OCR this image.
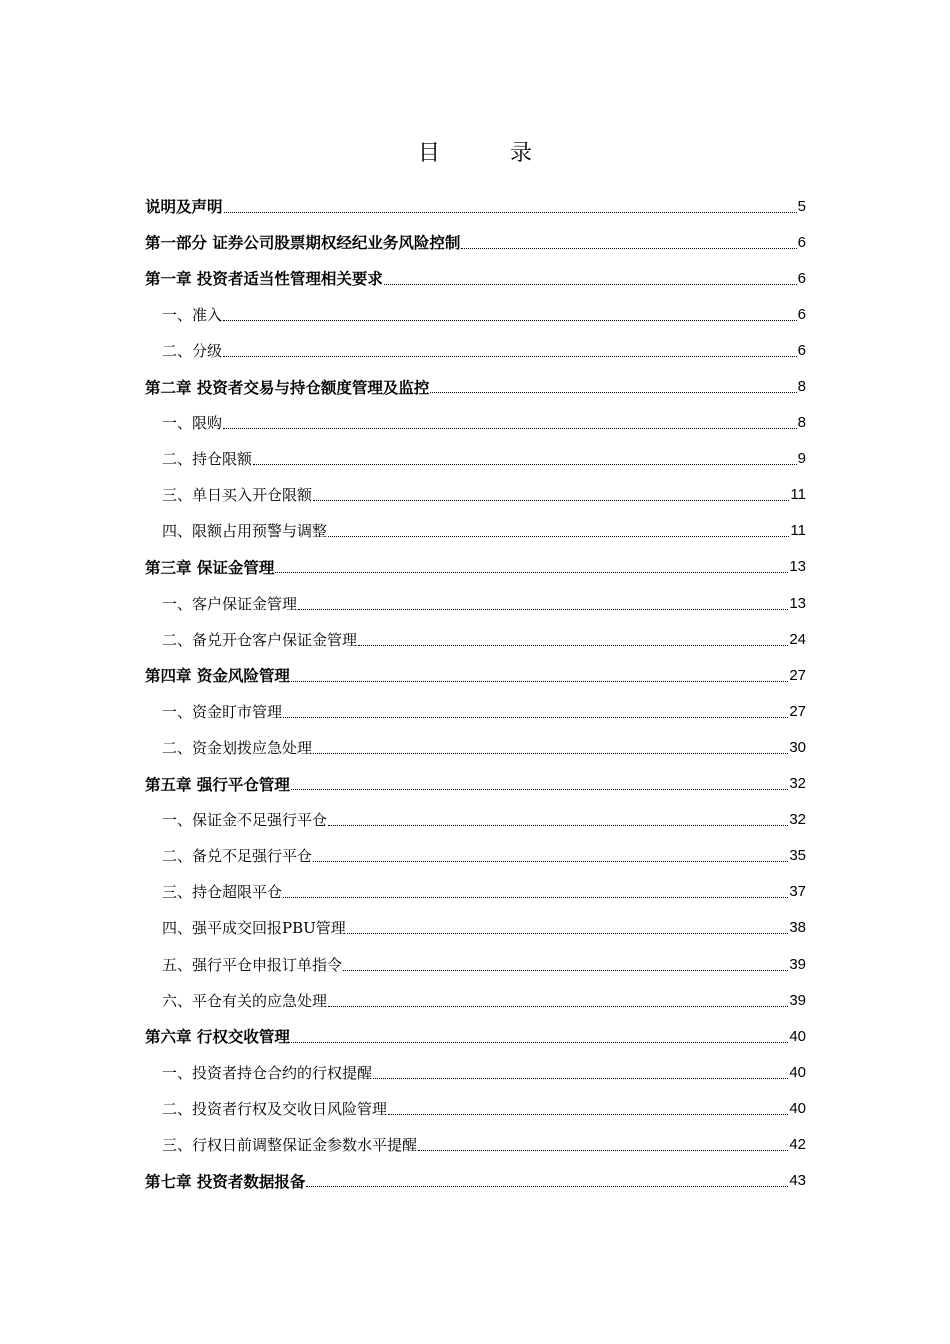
目	录
说明及声明	5
第一部分 证券公司股票期权经纪业务风险控制	6
第一章 投资者适当性管理相关要求	6
一、准入	6
二、分级	6
第二章 投资者交易与持仓额度管理及监控	8
一、限购	8
二、持仓限额	9
三、单日买入开仓限额	11
四、限额占用预警与调整	11
第三章 保证金管理	13
一、客户保证金管理	13
二、备兑开仓客户保证金管理	24
第四章 资金风险管理	27
一、资金盯市管理	27
二、资金划拨应急处理	30
第五章 强行平仓管理	32
一、保证金不足强行平仓	32
二、备兑不足强行平仓	35
三、持仓超限平仓	37
四、强平成交回报PBU管理	38
五、强行平仓申报订单指令	39
六、平仓有关的应急处理	39
第六章 行权交收管理	40
一、投资者持仓合约的行权提醒	40
二、投资者行权及交收日风险管理	40
三、行权日前调整保证金参数水平提醒	42
第七章 投资者数据报备	43
